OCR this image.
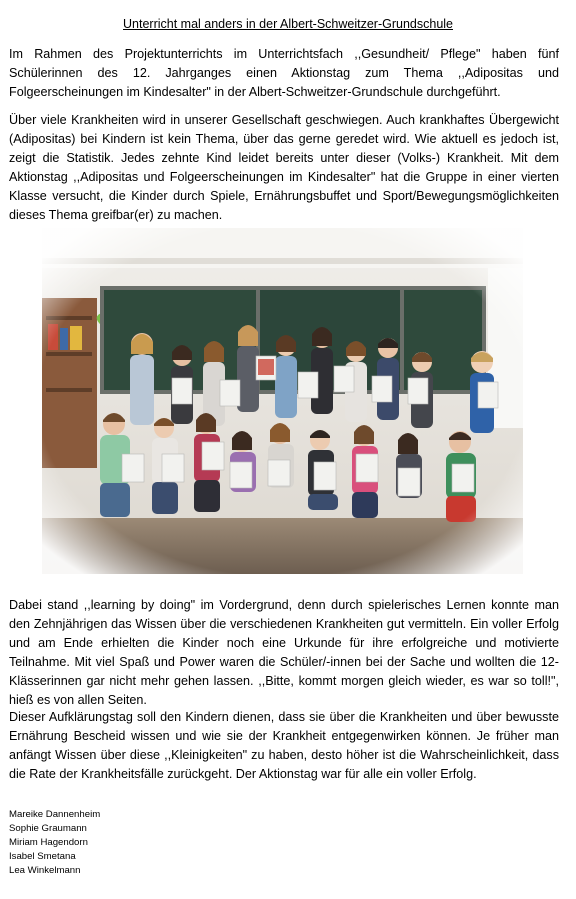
Unterricht mal anders in der Albert-Schweitzer-Grundschule

Im Rahmen des Projektunterrichts im Unterrichtsfach ,,Gesundheit/ Pflege" haben fünf Schülerinnen des 12. Jahrganges einen Aktionstag zum Thema ,,Adipositas und Folgeerscheinungen im Kindesalter" in der Albert-Schweitzer-Grundschule durchgeführt.

Über viele Krankheiten wird in unserer Gesellschaft geschwiegen. Auch krankhaftes Übergewicht (Adipositas) bei Kindern ist kein Thema, über das gerne geredet wird. Wie aktuell es jedoch ist, zeigt die Statistik. Jedes zehnte Kind leidet bereits unter dieser (Volks-) Krankheit. Mit dem Aktionstag ,,Adipositas und Folgeerscheinungen im Kindesalter" hat die Gruppe in einer vierten Klasse versucht, die Kinder durch Spiele, Ernährungsbuffet und Sport/Bewegungsmöglichkeiten dieses Thema greifbar(er) zu machen.

Dabei stand ,,learning by doing" im Vordergrund, denn durch spielerisches Lernen konnte man den Zehnjährigen das Wissen über die verschiedenen Krankheiten gut vermitteln. Ein voller Erfolg und am Ende erhielten die Kinder noch eine Urkunde für ihre erfolgreiche und motivierte Teilnahme. Mit viel Spaß und Power waren die Schüler/-innen bei der Sache und wollten die 12-Klässerinnen gar nicht mehr gehen lassen. ,,Bitte, kommt morgen gleich wieder, es war so toll!", hieß es von allen Seiten.

Dieser Aufklärungstag soll den Kindern dienen, dass sie über die Krankheiten und über bewusste Ernährung Bescheid wissen und wie sie der Krankheit entgegenwirken können. Je früher man anfängt Wissen über diese ,,Kleinigkeiten" zu haben, desto höher ist die Wahrscheinlichkeit, dass die Rate der Krankheitsfälle zurückgeht. Der Aktionstag war für alle ein voller Erfolg.

Mareike Dannenheim
Sophie Graumann
Miriam Hagendorn
Isabel Smetana
Lea Winkelmann
